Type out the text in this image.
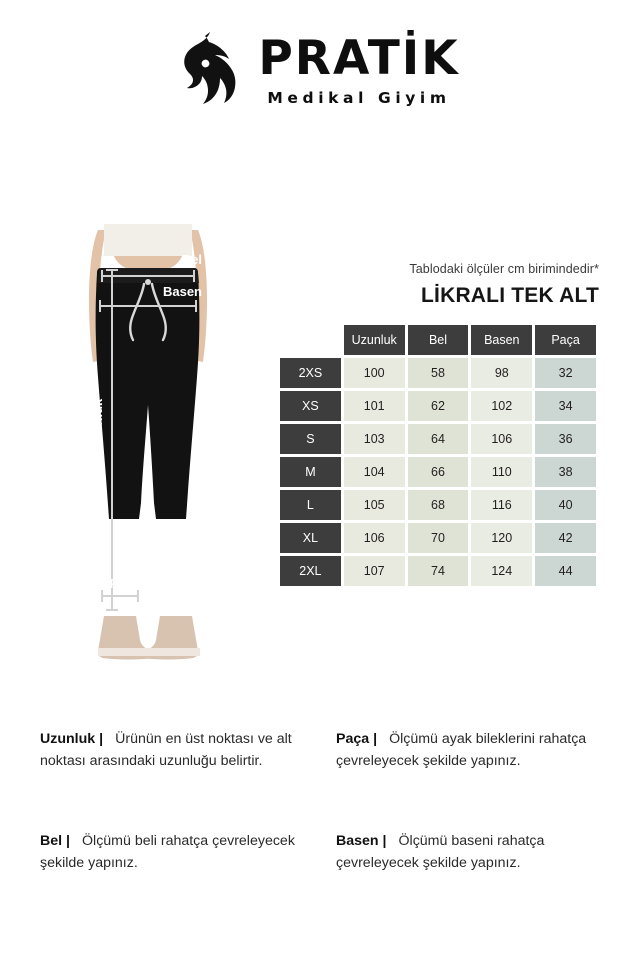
PRATİK
Medikal Giyim
Bel
Basen
Uzunluk
Paça
Tablodaki ölçüler cm birimindedir*
LİKRALI TEK ALT
	Uzunluk	Bel	Basen	Paça
2XS	100	58	98	32
XS	101	62	102	34
S	103	64	106	36
M	104	66	110	38
L	105	68	116	40
XL	106	70	120	42
2XL	107	74	124	44

Uzunluk | Ürünün en üst noktası ve alt noktası arasındaki uzunluğu belirtir.

Paça | Ölçümü ayak bileklerini rahatça çevreleyecek şekilde yapınız.

Bel | Ölçümü beli rahatça çevreleyecek şekilde yapınız.

Basen | Ölçümü baseni rahatça çevreleyecek şekilde yapınız.
